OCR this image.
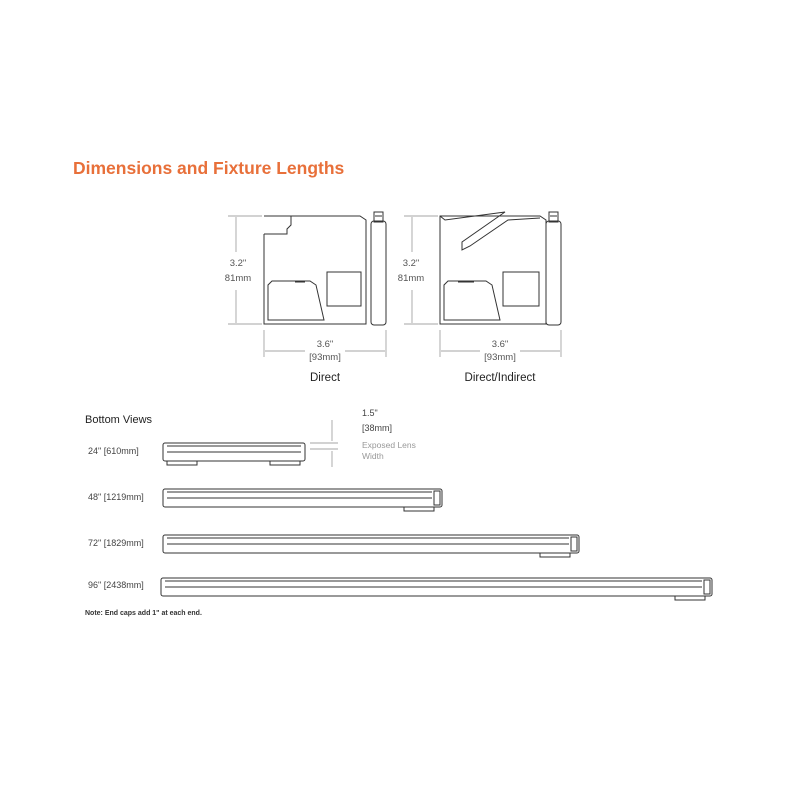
Dimensions and Fixture Lengths
3.2"
81mm
3.6"
[93mm]
Direct
3.2"
81mm
3.6"
[93mm]
Direct/Indirect
Bottom Views
1.5"
[38mm]
Exposed Lens
Width
24" [610mm]
48" [1219mm]
72" [1829mm]
96" [2438mm]
Note: End caps add 1" at each end.
